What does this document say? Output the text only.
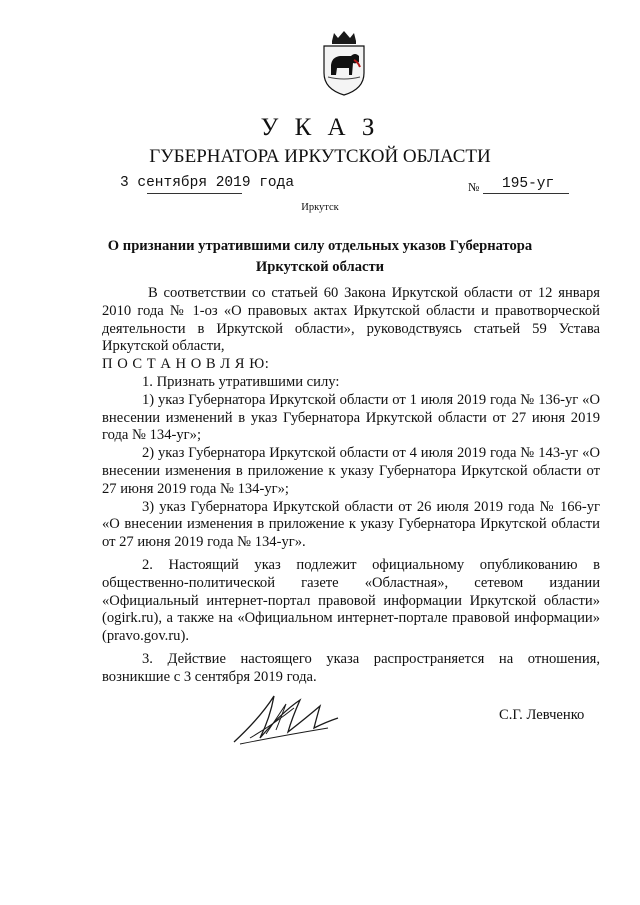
У К А З
ГУБЕРНАТОРА ИРКУТСКОЙ ОБЛАСТИ
3 сентября 2019 года	№ 195-уг
Иркутск
О признании утратившими силу отдельных указов Губернатора
Иркутской области

В соответствии со статьей 60 Закона Иркутской области от 12 января 2010 года № 1-оз «О правовых актах Иркутской области и правотворческой деятельности в Иркутской области», руководствуясь статьей 59 Устава Иркутской области,

П О С Т А Н О В Л Я Ю:

1. Признать утратившими силу:

1) указ Губернатора Иркутской области от 1 июля 2019 года № 136-уг «О внесении изменений в указ Губернатора Иркутской области от 27 июня 2019 года № 134-уг»;

2) указ Губернатора Иркутской области от 4 июля 2019 года № 143-уг «О внесении изменения в приложение к указу Губернатора Иркутской области от 27 июня 2019 года № 134-уг»;

3) указ Губернатора Иркутской области от 26 июля 2019 года № 166-уг «О внесении изменения в приложение к указу Губернатора Иркутской области от 27 июня 2019 года № 134-уг».

2. Настоящий указ подлежит официальному опубликованию в общественно-политической газете «Областная», сетевом издании «Официальный интернет-портал правовой информации Иркутской области» (ogirk.ru), а также на «Официальном интернет-портале правовой информации» (pravo.gov.ru).

3. Действие настоящего указа распространяется на отношения, возникшие с 3 сентября 2019 года.

С.Г. Левченко
